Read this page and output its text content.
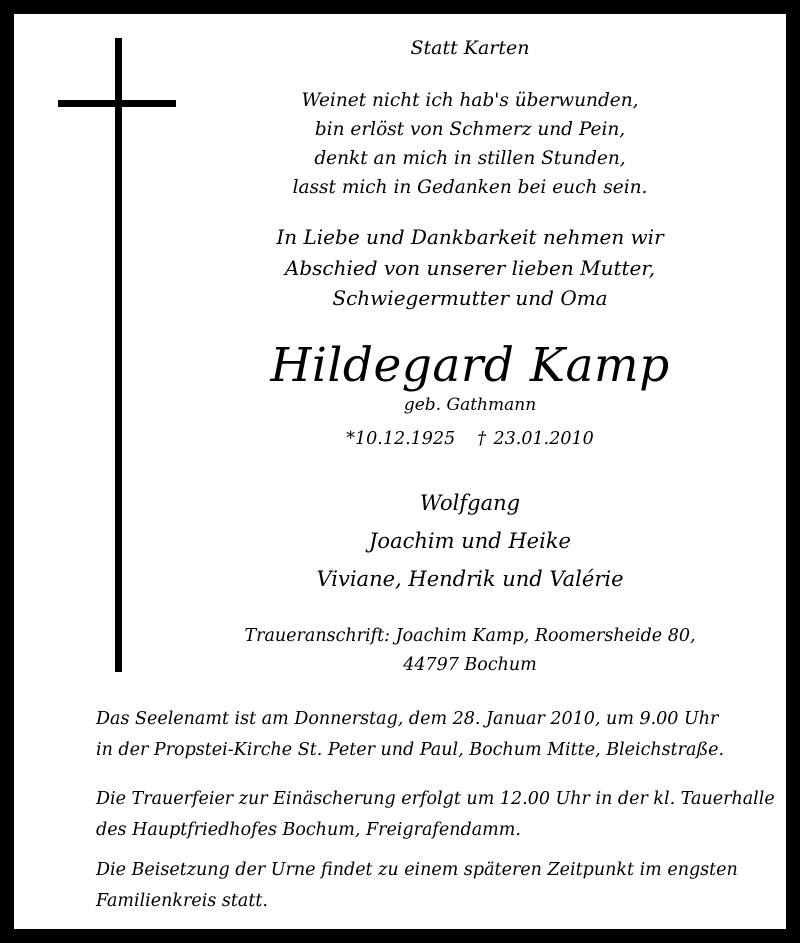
Statt Karten
Weinet nicht ich hab's überwunden,
bin erlöst von Schmerz und Pein,
denkt an mich in stillen Stunden,
lasst mich in Gedanken bei euch sein.
In Liebe und Dankbarkeit nehmen wir
Abschied von unserer lieben Mutter,
Schwiegermutter und Oma
Hildegard Kamp
geb. Gathmann
*10.12.1925 † 23.01.2010
Wolfgang
Joachim und Heike
Viviane, Hendrik und Valérie
Traueranschrift: Joachim Kamp, Roomersheide 80,
44797 Bochum
Das Seelenamt ist am Donnerstag, dem 28. Januar 2010, um 9.00 Uhr
in der Propstei-Kirche St. Peter und Paul, Bochum Mitte, Bleichstraße.
Die Trauerfeier zur Einäscherung erfolgt um 12.00 Uhr in der kl. Tauerhalle
des Hauptfriedhofes Bochum, Freigrafendamm.
Die Beisetzung der Urne findet zu einem späteren Zeitpunkt im engsten
Familienkreis statt.
